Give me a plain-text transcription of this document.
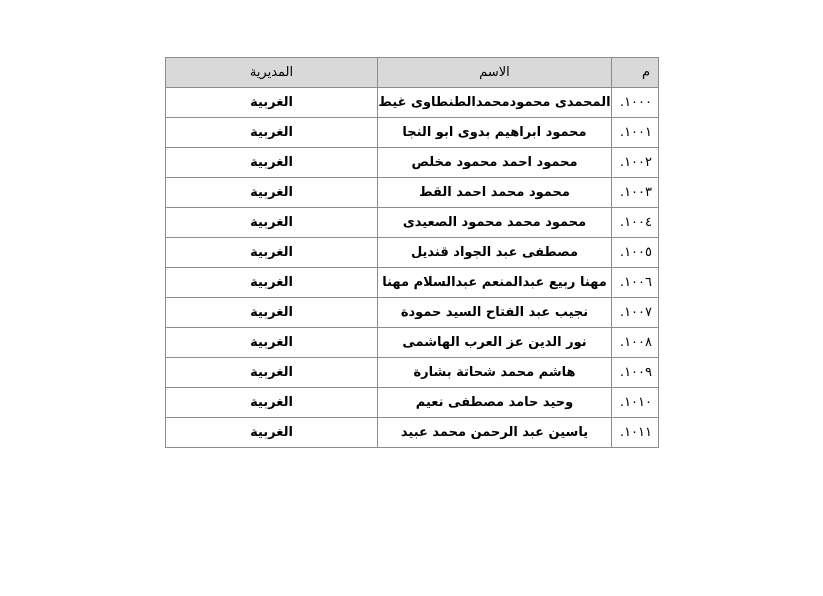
م	الاسم	المديرية
١٠٠٠.	المحمدى محمودمحمدالطنطاوى غيط	الغربية
١٠٠١.	محمود ابراهيم بدوى ابو النجا	الغربية
١٠٠٢.	محمود احمد محمود مخلص	الغربية
١٠٠٣.	محمود محمد احمد القط	الغربية
١٠٠٤.	محمود محمد محمود الصعيدى	الغربية
١٠٠٥.	مصطفى عبد الجواد قنديل	الغربية
١٠٠٦.	مهنا ربيع عبدالمنعم عبدالسلام مهنا	الغربية
١٠٠٧.	نجيب عبد الفتاح السيد حمودة	الغربية
١٠٠٨.	نور الدين عز العرب الهاشمى	الغربية
١٠٠٩.	هاشم محمد شحاتة بشارة	الغربية
١٠١٠.	وحيد حامد مصطفى نعيم	الغربية
١٠١١.	ياسين عبد الرحمن محمد عبيد	الغربية
